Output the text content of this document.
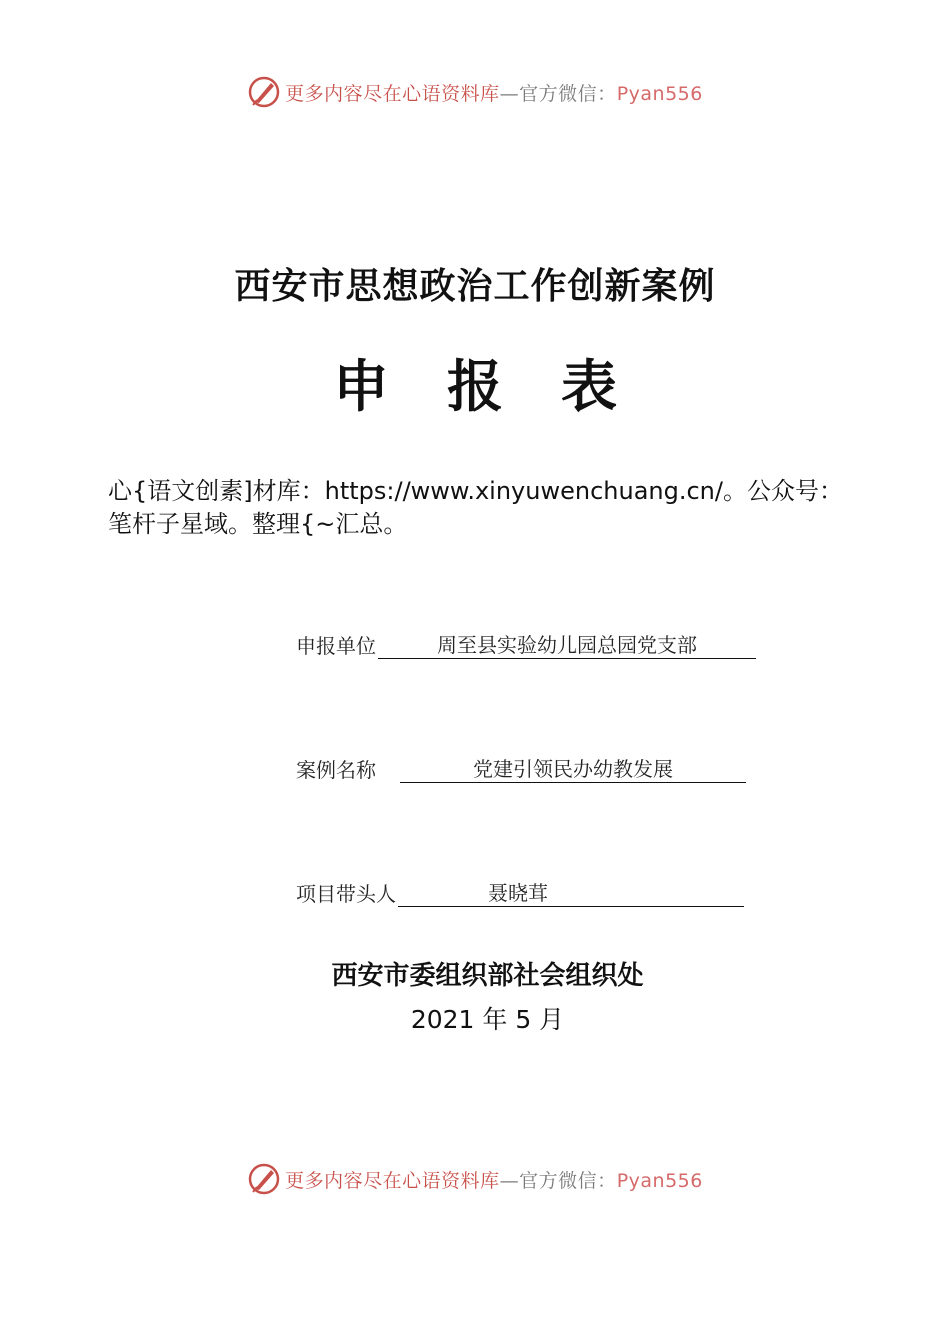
更多内容尽在心语资料库—官方微信：Pyan556
西安市思想政治工作创新案例
申报表
心{语文创素]材库：https://www.xinyuwenchuang.cn/。公众号：笔杆子星域。整理{~汇总。
申报单位	周至县实验幼儿园总园党支部
案例名称	党建引领民办幼教发展
项目带头人	聂晓茸
西安市委组织部社会组织处
2021 年 5 月
更多内容尽在心语资料库—官方微信：Pyan556
